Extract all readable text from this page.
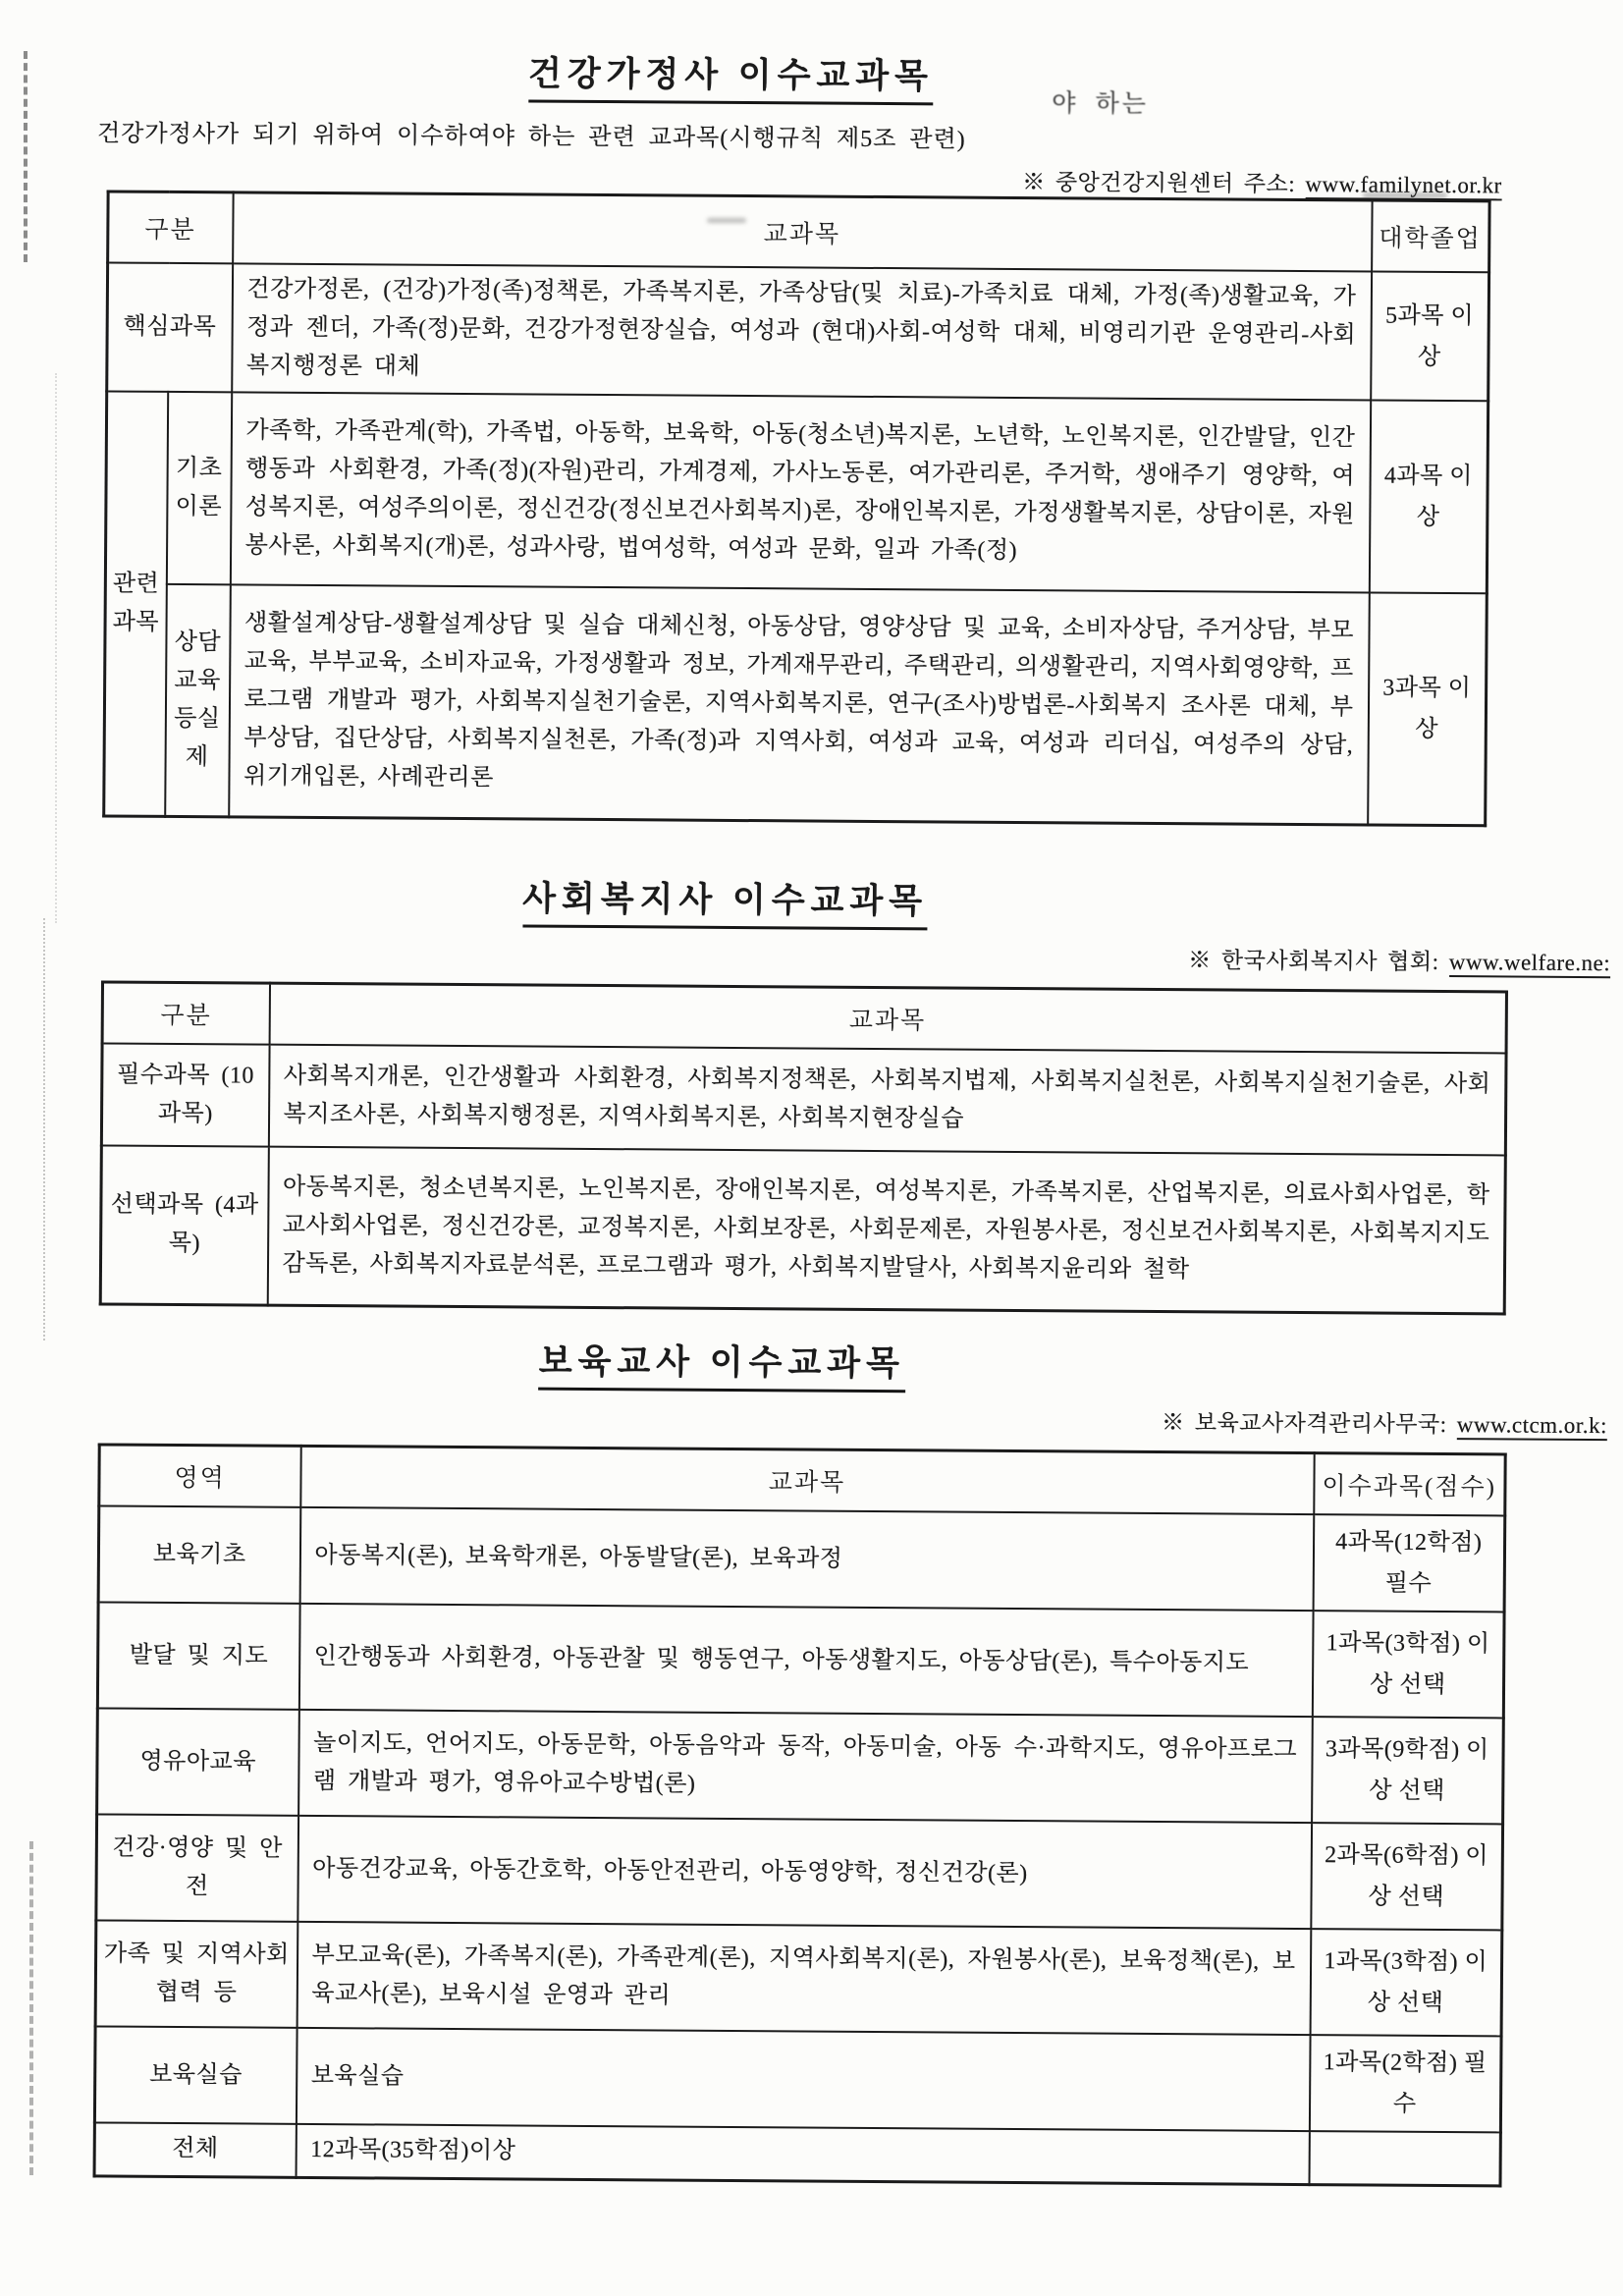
야 하는
건강가정사 이수교과목

건강가정사가 되기 위하여 이수하여야 하는 관련 교과목(시행규칙 제5조 관련)

※ 중앙건강지원센터 주소: www.familynet.or.kr
구분		교과목	대학졸업
핵심과목		건강가정론, (건강)가정(족)정책론, 가족복지론, 가족상담(및 치료)-가족치료 대체, 가정(족)생활교육, 가정과 젠더, 가족(정)문화, 건강가정현장실습, 여성과 (현대)사회-여성학 대체, 비영리기관 운영관리-사회복지행정론 대체	5과목 이상
관련과목	기초이론	가족학, 가족관계(학), 가족법, 아동학, 보육학, 아동(청소년)복지론, 노년학, 노인복지론, 인간발달, 인간행동과 사회환경, 가족(정)(자원)관리, 가계경제, 가사노동론, 여가관리론, 주거학, 생애주기 영양학, 여성복지론, 여성주의이론, 정신건강(정신보건사회복지)론, 장애인복지론, 가정생활복지론, 상담이론, 자원봉사론, 사회복지(개)론, 성과사랑, 법여성학, 여성과 문화, 일과 가족(정)	4과목 이상
	상담교육등실제	생활설계상담-생활설계상담 및 실습 대체신청, 아동상담, 영양상담 및 교육, 소비자상담, 주거상담, 부모교육, 부부교육, 소비자교육, 가정생활과 정보, 가계재무관리, 주택관리, 의생활관리, 지역사회영양학, 프로그램 개발과 평가, 사회복지실천기술론, 지역사회복지론, 연구(조사)방법론-사회복지 조사론 대체, 부부상담, 집단상담, 사회복지실천론, 가족(정)과 지역사회, 여성과 교육, 여성과 리더십, 여성주의 상담, 위기개입론, 사례관리론	3과목 이상
사회복지사 이수교과목
※ 한국사회복지사 협회: www.welfare.ne:
구분	교과목
필수과목 (10과목)	사회복지개론, 인간생활과 사회환경, 사회복지정책론, 사회복지법제, 사회복지실천론, 사회복지실천기술론, 사회복지조사론, 사회복지행정론, 지역사회복지론, 사회복지현장실습
선택과목 (4과목)	아동복지론, 청소년복지론, 노인복지론, 장애인복지론, 여성복지론, 가족복지론, 산업복지론, 의료사회사업론, 학교사회사업론, 정신건강론, 교정복지론, 사회보장론, 사회문제론, 자원봉사론, 정신보건사회복지론, 사회복지지도감독론, 사회복지자료분석론, 프로그램과 평가, 사회복지발달사, 사회복지윤리와 철학
보육교사 이수교과목
※ 보육교사자격관리사무국: www.ctcm.or.k:
영역	교과목	이수과목(점수)
보육기초	아동복지(론), 보육학개론, 아동발달(론), 보육과정	4과목(12학점) 필수
발달 및 지도	인간행동과 사회환경, 아동관찰 및 행동연구, 아동생활지도, 아동상담(론), 특수아동지도	1과목(3학점) 이상 선택
영유아교육	놀이지도, 언어지도, 아동문학, 아동음악과 동작, 아동미술, 아동 수·과학지도, 영유아프로그램 개발과 평가, 영유아교수방법(론)	3과목(9학점) 이상 선택
건강·영양 및 안전	아동건강교육, 아동간호학, 아동안전관리, 아동영양학, 정신건강(론)	2과목(6학점) 이상 선택
가족 및 지역사회 협력 등	부모교육(론), 가족복지(론), 가족관계(론), 지역사회복지(론), 자원봉사(론), 보육정책(론), 보육교사(론), 보육시설 운영과 관리	1과목(3학점) 이상 선택
보육실습	보육실습	1과목(2학점) 필수
전체	12과목(35학점)이상	
